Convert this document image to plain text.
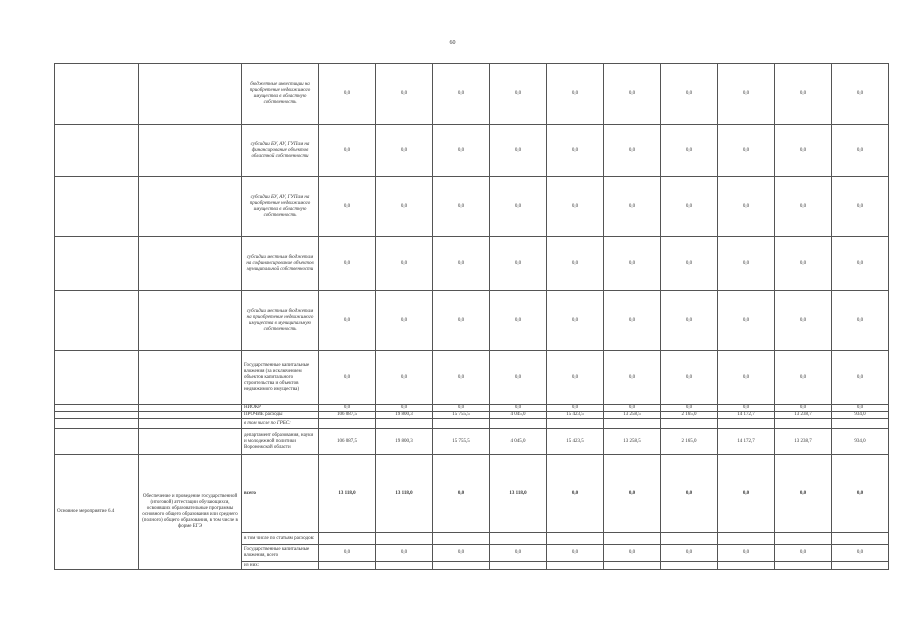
60
		бюджетные инвестиции на приобретение недвижимого имущества в областную собственность	0,0	0,0	0,0	0,0	0,0	0,0	0,0	0,0	0,0	0,0
		субсидии БУ, АУ, ГУПам на финансирование объектов областной собственности	0,0	0,0	0,0	0,0	0,0	0,0	0,0	0,0	0,0	0,0
		субсидии БУ, АУ, ГУПам на приобретение недвижимого имущества в областную собственность	0,0	0,0	0,0	0,0	0,0	0,0	0,0	0,0	0,0	0,0
		субсидии местным бюджетам на софинансирование объектов муниципальной собственности	0,0	0,0	0,0	0,0	0,0	0,0	0,0	0,0	0,0	0,0
		субсидии местным бюджетам на приобретение недвижимого имущества в муниципальную собственность	0,0	0,0	0,0	0,0	0,0	0,0	0,0	0,0	0,0	0,0
		Государственные капитальные вложения (за исключением объектов капитального строительства и объектов недвижимого имущества)	0,0	0,0	0,0	0,0	0,0	0,0	0,0	0,0	0,0	0,0
		НИОКР	0,0	0,0	0,0	0,0	0,0	0,0	0,0	0,0	0,0	0,0
		ПРОЧИЕ расходы	106 087,5	19 800,3	15 755,5	4 045,0	15 423,5	13 258,5	2 165,0	14 172,7	13 238,7	934,0
		в том числе по ГРБС:										
		департамент образования, науки и молодежной политики Воронежской области	106 087,5	19 800,3	15 755,5	4 045,0	15 423,5	13 258,5	2 165,0	14 172,7	13 238,7	934,0
Основное мероприятие 6.4	Обеспечение и проведение государственной (итоговой) аттестации обучающихся, освоивших образовательные программы основного общего образования или среднего (полного) общего образования, в том числе в форме ЕГЭ	всего	13 118,0	13 118,0	0,0	13 118,0	0,0	0,0	0,0	0,0	0,0	0,0
		в том числе по статьям расходов:										
		Государственные капитальные вложения, всего	0,0	0,0	0,0	0,0	0,0	0,0	0,0	0,0	0,0	0,0
		из них:										
